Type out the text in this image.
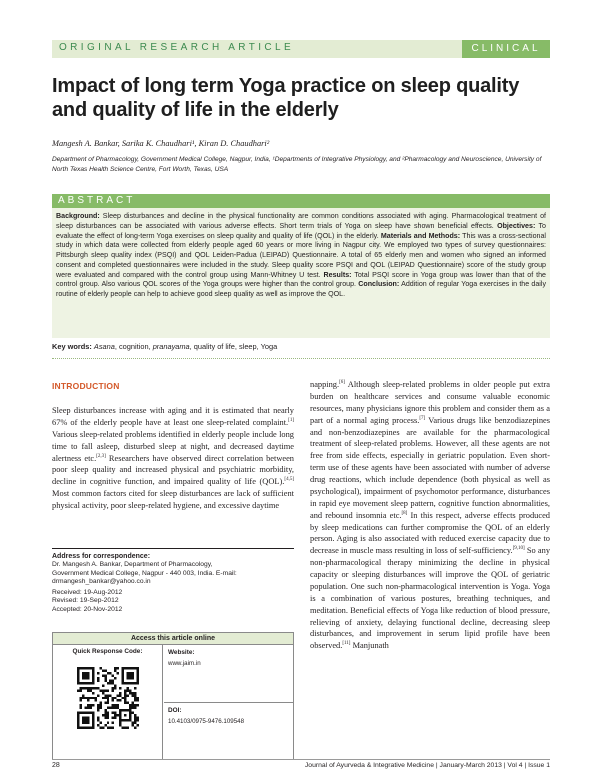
ORIGINAL RESEARCH ARTICLE	CLINICAL
Impact of long term Yoga practice on sleep quality and quality of life in the elderly
Mangesh A. Bankar, Sarika K. Chaudhari¹, Kiran D. Chaudhari²
Department of Pharmacology, Government Medical College, Nagpur, India, ¹Departments of Integrative Physiology, and ²Pharmacology and Neuroscience, University of North Texas Health Science Centre, Fort Worth, Texas, USA
ABSTRACT

Background: Sleep disturbances and decline in the physical functionality are common conditions associated with aging. Pharmacological treatment of sleep disturbances can be associated with various adverse effects. Short term trials of Yoga on sleep have shown beneficial effects. Objectives: To evaluate the effect of long-term Yoga exercises on sleep quality and quality of life (QOL) in the elderly. Materials and Methods: This was a cross-sectional study in which data were collected from elderly people aged 60 years or more living in Nagpur city. We employed two types of survey questionnaires: Pittsburgh sleep quality index (PSQI) and QOL Leiden-Padua (LEIPAD) Questionnaire. A total of 65 elderly men and women who signed an informed consent and completed questionnaires were included in the study. Sleep quality score PSQI and QOL (LEIPAD Questionnaire) score of the study group were evaluated and compared with the control group using Mann-Whitney U test. Results: Total PSQI score in Yoga group was lower than that of the control group. Also various QOL scores of the Yoga groups were higher than the control group. Conclusion: Addition of regular Yoga exercises in the daily routine of elderly people can help to achieve good sleep quality as well as improve the QOL.

Key words: Asana, cognition, pranayama, quality of life, sleep, Yoga
INTRODUCTION

Sleep disturbances increase with aging and it is estimated that nearly 67% of the elderly people have at least one sleep-related complaint.[1] Various sleep-related problems identified in elderly people include long time to fall asleep, disturbed sleep at night, and decreased daytime alertness etc.[2,3] Researchers have observed direct correlation between poor sleep quality and increased physical and psychiatric morbidity, decline in cognitive function, and impaired quality of life (QOL).[4,5] Most common factors cited for sleep disturbances are lack of sufficient physical activity, poor sleep-related hygiene, and excessive daytime

napping.[6] Although sleep-related problems in older people put extra burden on healthcare services and consume valuable economic resources, many physicians ignore this problem and consider them as a part of a normal aging process.[7] Various drugs like benzodiazepines and non-benzodiazepines are available for the pharmacological treatment of sleep-related problems. However, all these agents are not free from side effects, especially in geriatric population. Even short-term use of these agents have been associated with number of adverse drug reactions, which include dependence (both physical as well as psychological), impairment of psychomotor performance, disturbances in rapid eye movement sleep pattern, cognitive function abnormalities, and rebound insomnia etc.[8] In this respect, adverse effects produced by sleep medications can further compromise the QOL of an elderly person. Aging is also associated with reduced exercise capacity due to decrease in muscle mass resulting in loss of self-sufficiency.[9,10] So any non-pharmacological therapy minimizing the decline in physical capacity or sleeping disturbances will improve the QOL of geriatric population. One such non-pharmacological intervention is Yoga. Yoga is a combination of various postures, breathing techniques, and meditation. Beneficial effects of Yoga like reduction of blood pressure, relieving of anxiety, delaying functional decline, decreasing sleep disturbances, and improvement in serum lipid profile have been observed.[11] Manjunath

Address for correspondence:
Dr. Mangesh A. Bankar, Department of Pharmacology,
Government Medical College, Nagpur - 440 003, India. E-mail:
drmangesh_bankar@yahoo.co.in
Received: 19-Aug-2012
Revised: 19-Sep-2012
Accepted: 20-Nov-2012
Access this article online
Quick Response Code:	Website:
www.jaim.in
DOI:
10.4103/0975-9476.109548
28	Journal of Ayurveda & Integrative Medicine | January-March 2013 | Vol 4 | Issue 1
